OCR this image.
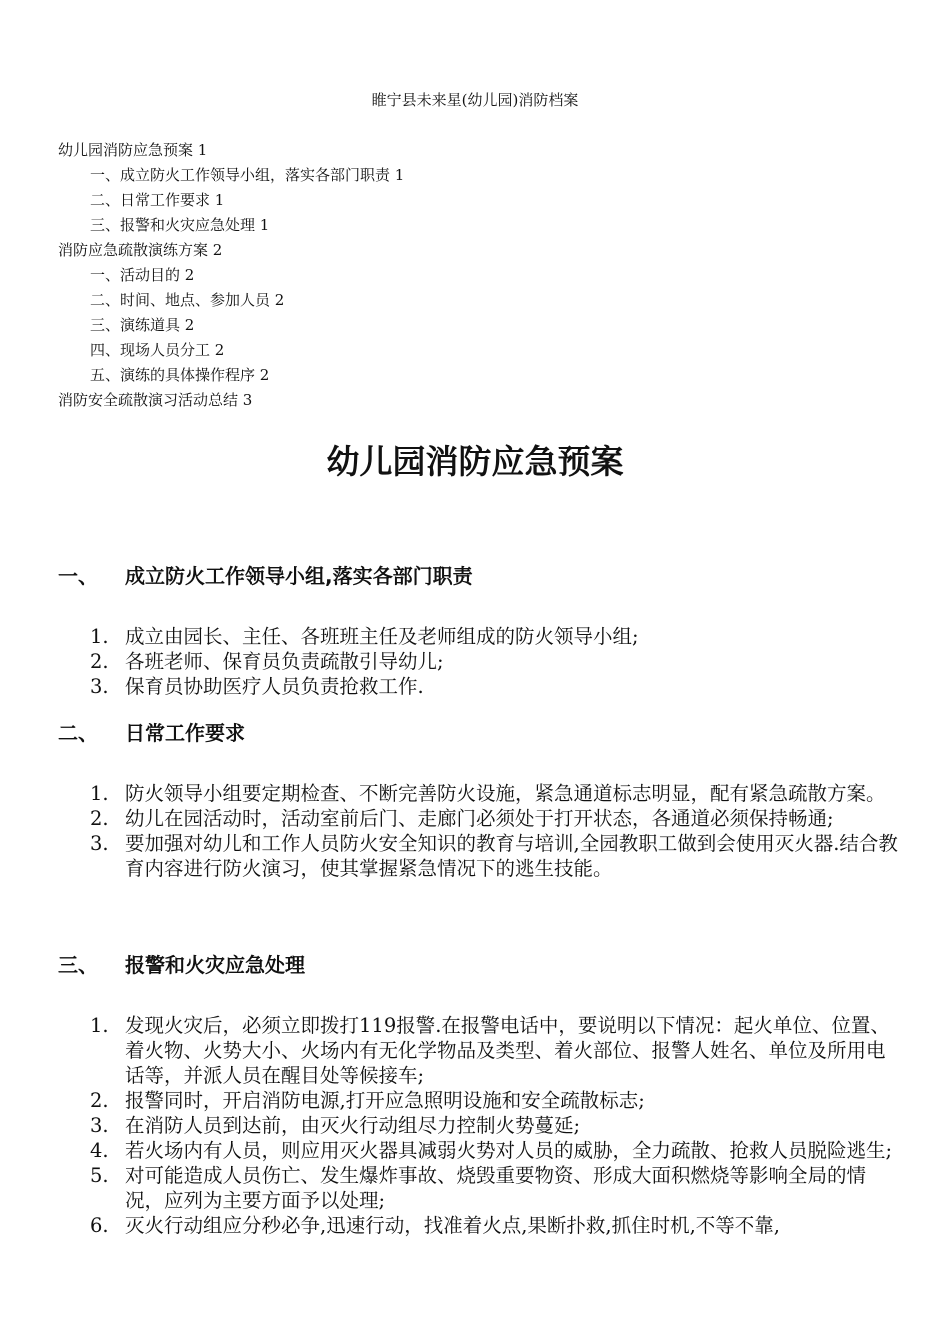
睢宁县未来星(幼儿园)消防档案
幼儿园消防应急预案 1
一、成立防火工作领导小组，落实各部门职责 1
二、日常工作要求 1
三、报警和火灾应急处理 1
消防应急疏散演练方案 2
一、活动目的 2
二、时间、地点、参加人员 2
三、演练道具 2
四、现场人员分工 2
五、演练的具体操作程序 2
消防安全疏散演习活动总结 3
幼儿园消防应急预案
一、 成立防火工作领导小组,落实各部门职责
1. 成立由园长、主任、各班班主任及老师组成的防火领导小组;
2. 各班老师、保育员负责疏散引导幼儿;
3. 保育员协助医疗人员负责抢救工作.
二、 日常工作要求
1. 防火领导小组要定期检查、不断完善防火设施，紧急通道标志明显，配有紧急疏散方案。
2. 幼儿在园活动时，活动室前后门、走廊门必须处于打开状态，各通道必须保持畅通;
3. 要加强对幼儿和工作人员防火安全知识的教育与培训,全园教职工做到会使用灭火器.结合教育内容进行防火演习，使其掌握紧急情况下的逃生技能。
三、 报警和火灾应急处理
1. 发现火灾后，必须立即拨打119报警.在报警电话中，要说明以下情况：起火单位、位置、着火物、火势大小、火场内有无化学物品及类型、着火部位、报警人姓名、单位及所用电话等，并派人员在醒目处等候接车;
2. 报警同时，开启消防电源,打开应急照明设施和安全疏散标志;
3. 在消防人员到达前，由灭火行动组尽力控制火势蔓延;
4. 若火场内有人员，则应用灭火器具减弱火势对人员的威胁，全力疏散、抢救人员脱险逃生;
5. 对可能造成人员伤亡、发生爆炸事故、烧毁重要物资、形成大面积燃烧等影响全局的情况，应列为主要方面予以处理;
6. 灭火行动组应分秒必争,迅速行动，找准着火点,果断扑救,抓住时机,不等不靠,
